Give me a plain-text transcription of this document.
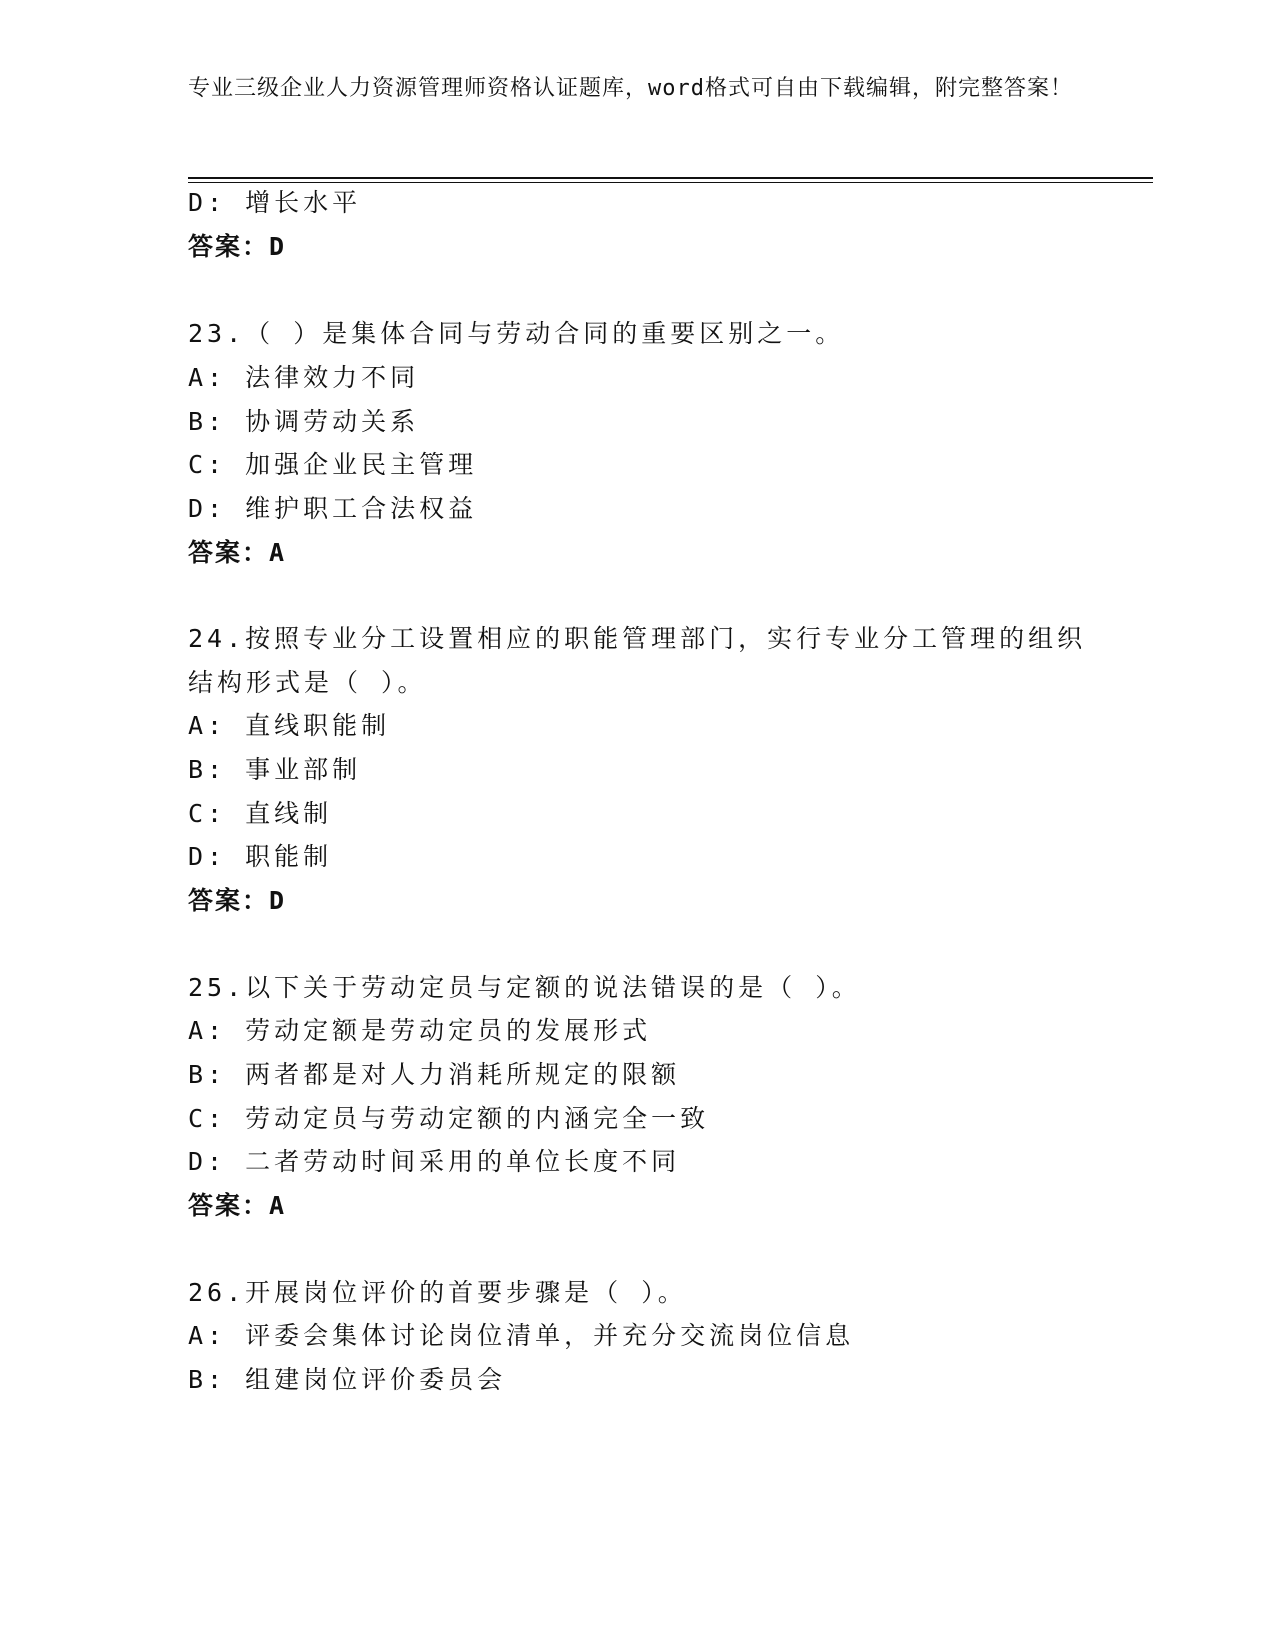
专业三级企业人力资源管理师资格认证题库，word格式可自由下载编辑，附完整答案！
D: 增长水平
答案：D
23.（ ）是集体合同与劳动合同的重要区别之一。
A: 法律效力不同
B: 协调劳动关系
C: 加强企业民主管理
D: 维护职工合法权益
答案：A
24.按照专业分工设置相应的职能管理部门，实行专业分工管理的组织
结构形式是（ ）。
A: 直线职能制
B: 事业部制
C: 直线制
D: 职能制
答案：D
25.以下关于劳动定员与定额的说法错误的是（ ）。
A: 劳动定额是劳动定员的发展形式
B: 两者都是对人力消耗所规定的限额
C: 劳动定员与劳动定额的内涵完全一致
D: 二者劳动时间采用的单位长度不同
答案：A
26.开展岗位评价的首要步骤是（ ）。
A: 评委会集体讨论岗位清单，并充分交流岗位信息
B: 组建岗位评价委员会
